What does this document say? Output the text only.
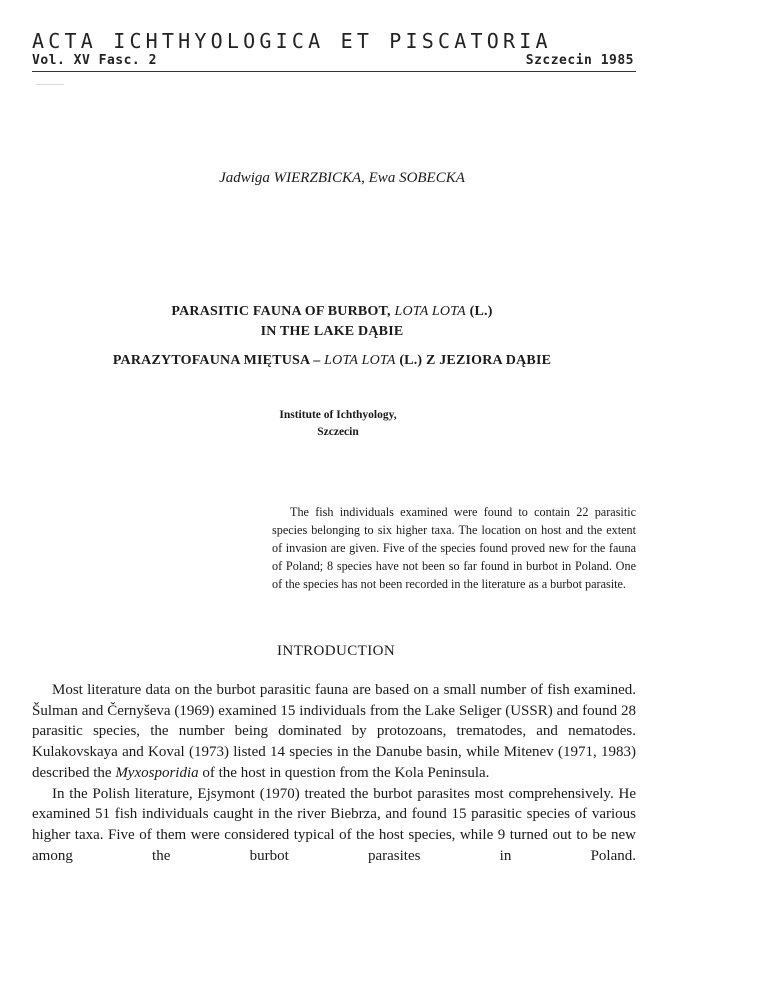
ACTA ICHTHYOLOGICA ET PISCATORIA
Vol. XV Fasc. 2	Szczecin 1985
Jadwiga WIERZBICKA, Ewa SOBECKA
PARASITIC FAUNA OF BURBOT, LOTA LOTA (L.)
IN THE LAKE DĄBIE
PARAZYTOFAUNA MIĘTUSA – LOTA LOTA (L.) Z JEZIORA DĄBIE
Institute of Ichthyology,
Szczecin
The fish individuals examined were found to contain 22 parasitic species belonging to six higher taxa. The location on host and the extent of invasion are given. Five of the species found proved new for the fauna of Poland; 8 species have not been so far found in burbot in Poland. One of the species has not been recorded in the literature as a burbot parasite.
INTRODUCTION

Most literature data on the burbot parasitic fauna are based on a small number of fish examined. Šulman and Černyševa (1969) examined 15 individuals from the Lake Seliger (USSR) and found 28 parasitic species, the number being dominated by protozoans, trematodes, and nematodes. Kulakovskaya and Koval (1973) listed 14 species in the Danube basin, while Mitenev (1971, 1983) described the Myxosporidia of the host in question from the Kola Peninsula.

In the Polish literature, Ejsymont (1970) treated the burbot parasites most comprehensively. He examined 51 fish individuals caught in the river Biebrza, and found 15 parasitic species of various higher taxa. Five of them were considered typical of the host species, while 9 turned out to be new among the burbot parasites in Poland.
